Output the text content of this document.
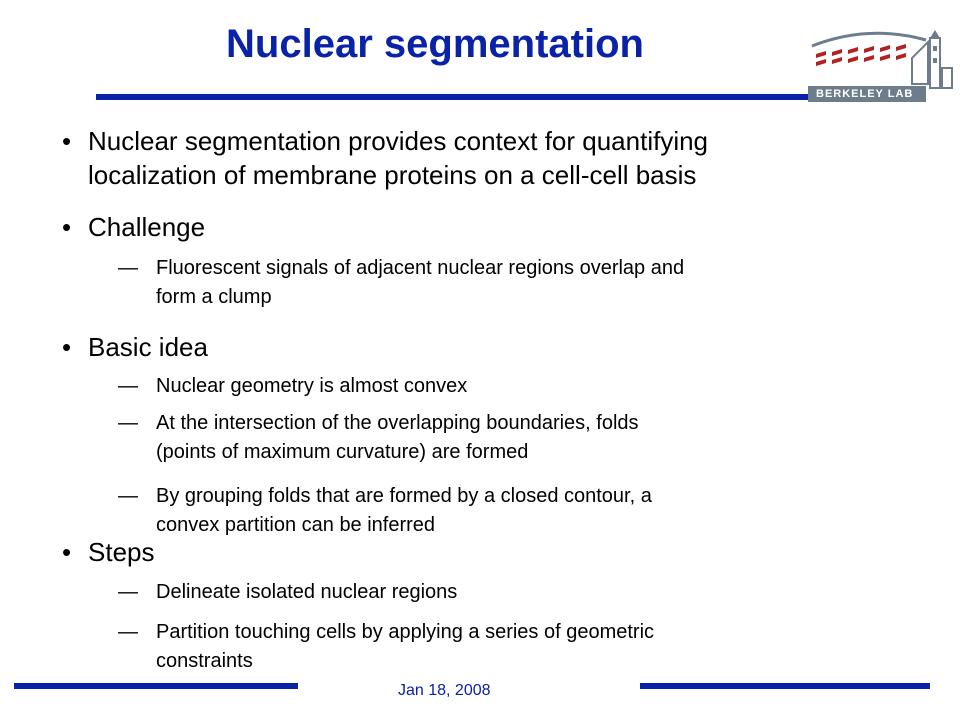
Nuclear segmentation
BERKELEY LAB
• Nuclear segmentation provides context for quantifying
localization of membrane proteins on a cell-cell basis
• Challenge
— Fluorescent signals of adjacent nuclear regions overlap and
form a clump
• Basic idea
— Nuclear geometry is almost convex
— At the intersection of the overlapping boundaries, folds
(points of maximum curvature) are formed
— By grouping folds that are formed by a closed contour, a
convex partition can be inferred
• Steps
— Delineate isolated nuclear regions
— Partition touching cells by applying a series of geometric
constraints
Jan 18, 2008
